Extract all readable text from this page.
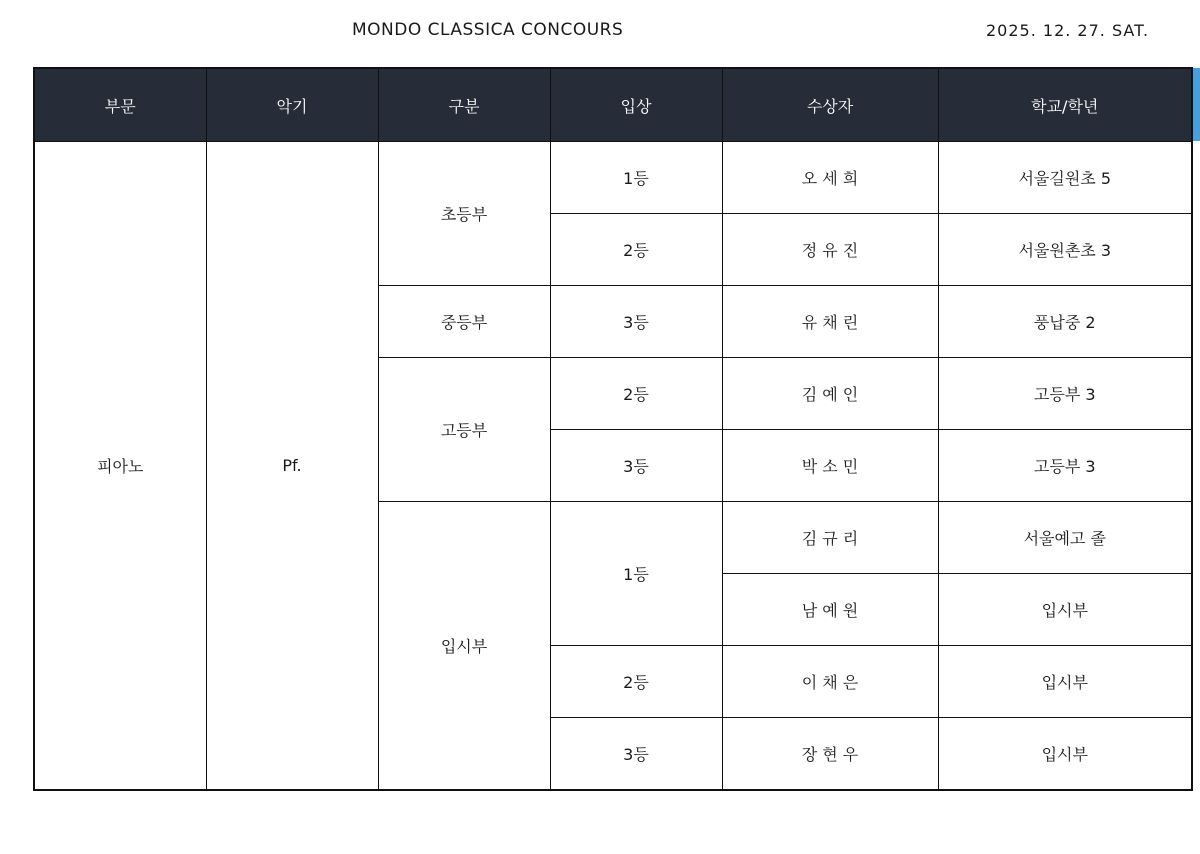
MONDO CLASSICA CONCOURS	2025. 12. 27. SAT.
부문	악기	구분	입상	수상자	학교/학년
피아노	Pf.	초등부	1등	오 세 희	서울길원초 5
			2등	정 유 진	서울원촌초 3
		중등부	3등	유 채 린	풍납중 2
		고등부	2등	김 예 인	고등부 3
			3등	박 소 민	고등부 3
		입시부	1등	김 규 리	서울예고 졸
				남 예 원	입시부
			2등	이 채 은	입시부
			3등	장 현 우	입시부
